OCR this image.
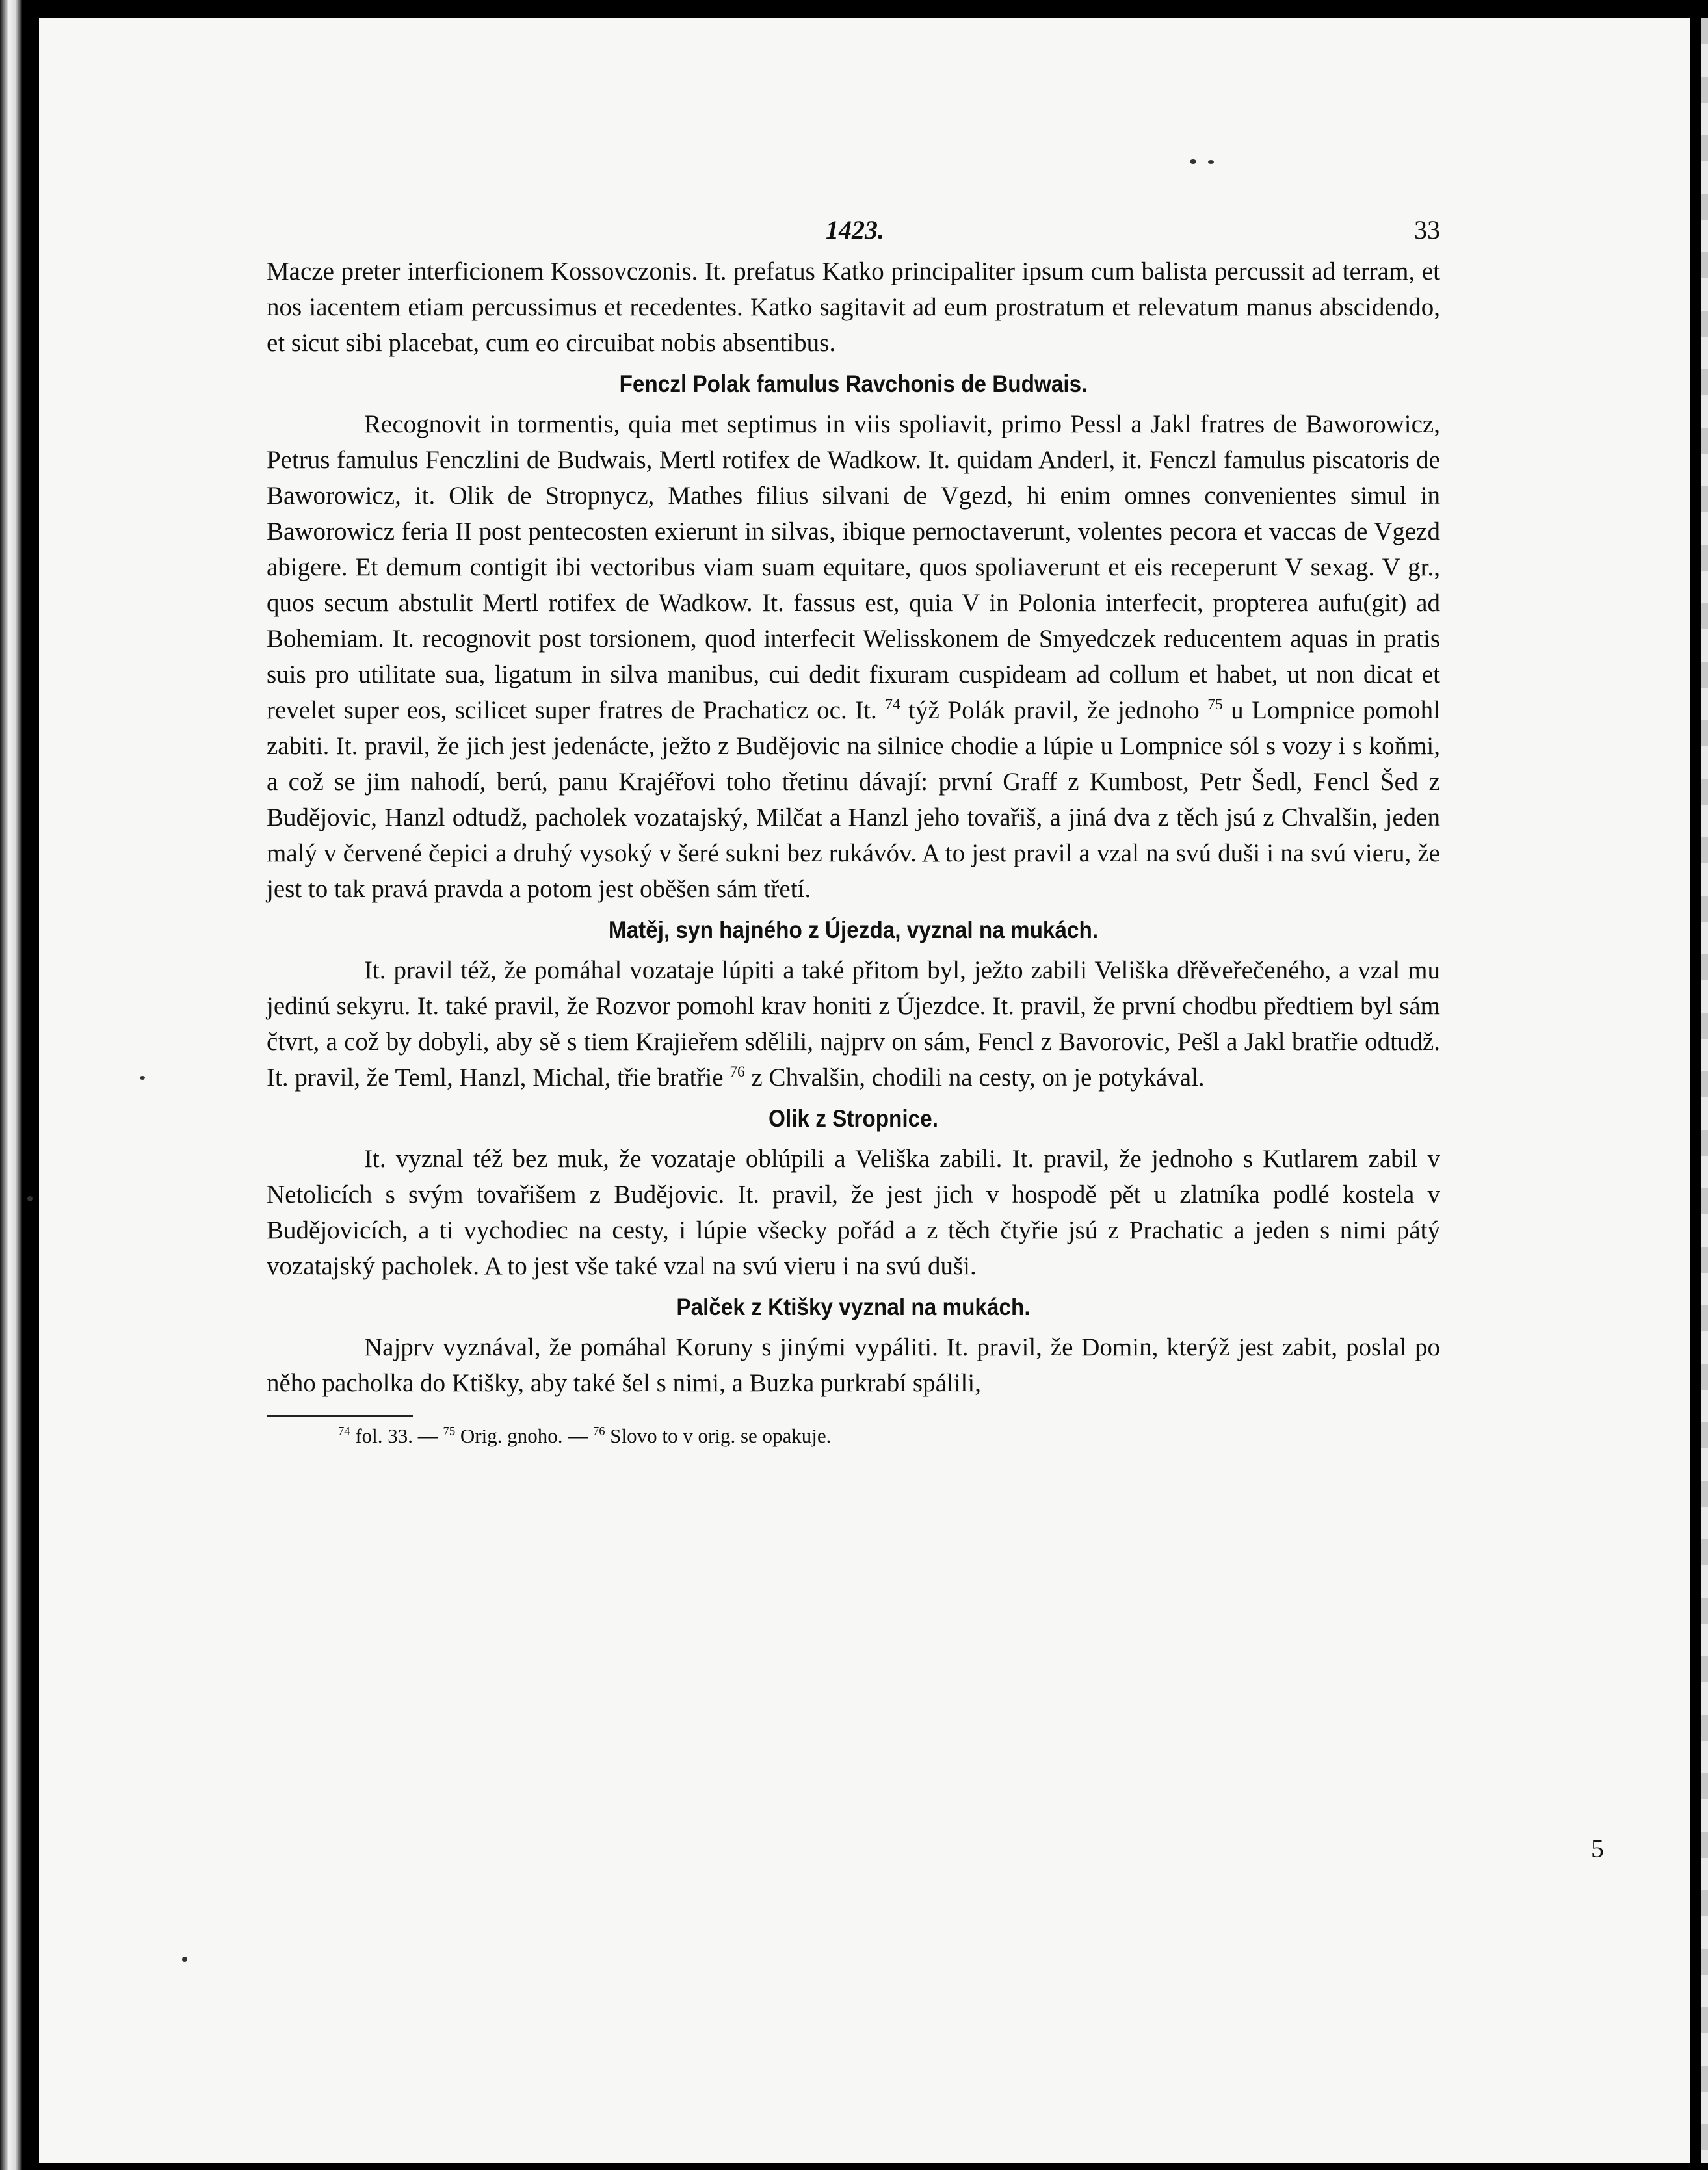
1423.	33

Macze preter interficionem Kossovczonis. It. prefatus Katko principaliter ipsum cum balista percussit ad terram, et nos iacentem etiam percussimus et recedentes. Katko sagitavit ad eum prostratum et relevatum manus abscidendo, et sicut sibi placebat, cum eo circuibat nobis absentibus.

Fenczl Polak famulus Ravchonis de Budwais.

Recognovit in tormentis, quia met septimus in viis spoliavit, primo Pessl a Jakl fratres de Baworowicz, Petrus famulus Fenczlini de Budwais, Mertl rotifex de Wadkow. It. quidam Anderl, it. Fenczl famulus piscatoris de Baworowicz, it. Olik de Stropnycz, Mathes filius silvani de Vgezd, hi enim omnes convenientes simul in Baworowicz feria II post pentecosten exierunt in silvas, ibique pernoctaverunt, volentes pecora et vaccas de Vgezd abigere. Et demum contigit ibi vectoribus viam suam equitare, quos spoliaverunt et eis receperunt V sexag. V gr., quos secum abstulit Mertl rotifex de Wadkow. It. fassus est, quia V in Polonia interfecit, propterea aufu(git) ad Bohemiam. It. recognovit post torsionem, quod interfecit Welisskonem de Smyedczek reducentem aquas in pratis suis pro utilitate sua, ligatum in silva manibus, cui dedit fixuram cuspideam ad collum et habet, ut non dicat et revelet super eos, scilicet super fratres de Prachaticz oc. It. $^{74}$ týž Polák pravil, že jednoho $^{75}$ u Lompnice pomohl zabiti. It. pravil, že jich jest jedenácte, ježto z Budějovic na silnice chodie a lúpie u Lompnice sól s vozy i s koňmi, a což se jim nahodí, berú, panu Krajéřovi toho třetinu dávají: první Graff z Kumbost, Petr Šedl, Fencl Šed z Budějovic, Hanzl odtudž, pacholek vozatajský, Milčat a Hanzl jeho tovařiš, a jiná dva z těch jsú z Chvalšin, jeden malý v červené čepici a druhý vysoký v šeré sukni bez rukávóv. A to jest pravil a vzal na svú duši i na svú vieru, že jest to tak pravá pravda a potom jest oběšen sám třetí.

Matěj, syn hajného z Újezda, vyznal na mukách.

It. pravil též, že pomáhal vozataje lúpiti a také přitom byl, ježto zabili Veliška dřěveřečeného, a vzal mu jedinú sekyru. It. také pravil, že Rozvor pomohl krav honiti z Újezdce. It. pravil, že první chodbu předtiem byl sám čtvrt, a což by dobyli, aby sě s tiem Krajieřem sdělili, najprv on sám, Fencl z Bavorovic, Pešl a Jakl bratřie odtudž. It. pravil, že Teml, Hanzl, Michal, třie bratřie $^{76}$ z Chvalšin, chodili na cesty, on je potykával.

Olik z Stropnice.

It. vyznal též bez muk, že vozataje oblúpili a Veliška zabili. It. pravil, že jednoho s Kutlarem zabil v Netolicích s svým tovařišem z Budějovic. It. pravil, že jest jich v hospodě pět u zlatníka podlé kostela v Budějovicích, a ti vychodiec na cesty, i lúpie všecky pořád a z těch čtyřie jsú z Prachatic a jeden s nimi pátý vozatajský pacholek. A to jest vše také vzal na svú vieru i na svú duši.

Palček z Ktišky vyznal na mukách.

Najprv vyznával, že pomáhal Koruny s jinými vypáliti. It. pravil, že Domin, kterýž jest zabit, poslal po něho pacholka do Ktišky, aby také šel s nimi, a Buzka purkrabí spálili,

$^{74}$ fol. 33. — $^{75}$ Orig. gnoho. — $^{76}$ Slovo to v orig. se opakuje.
5
